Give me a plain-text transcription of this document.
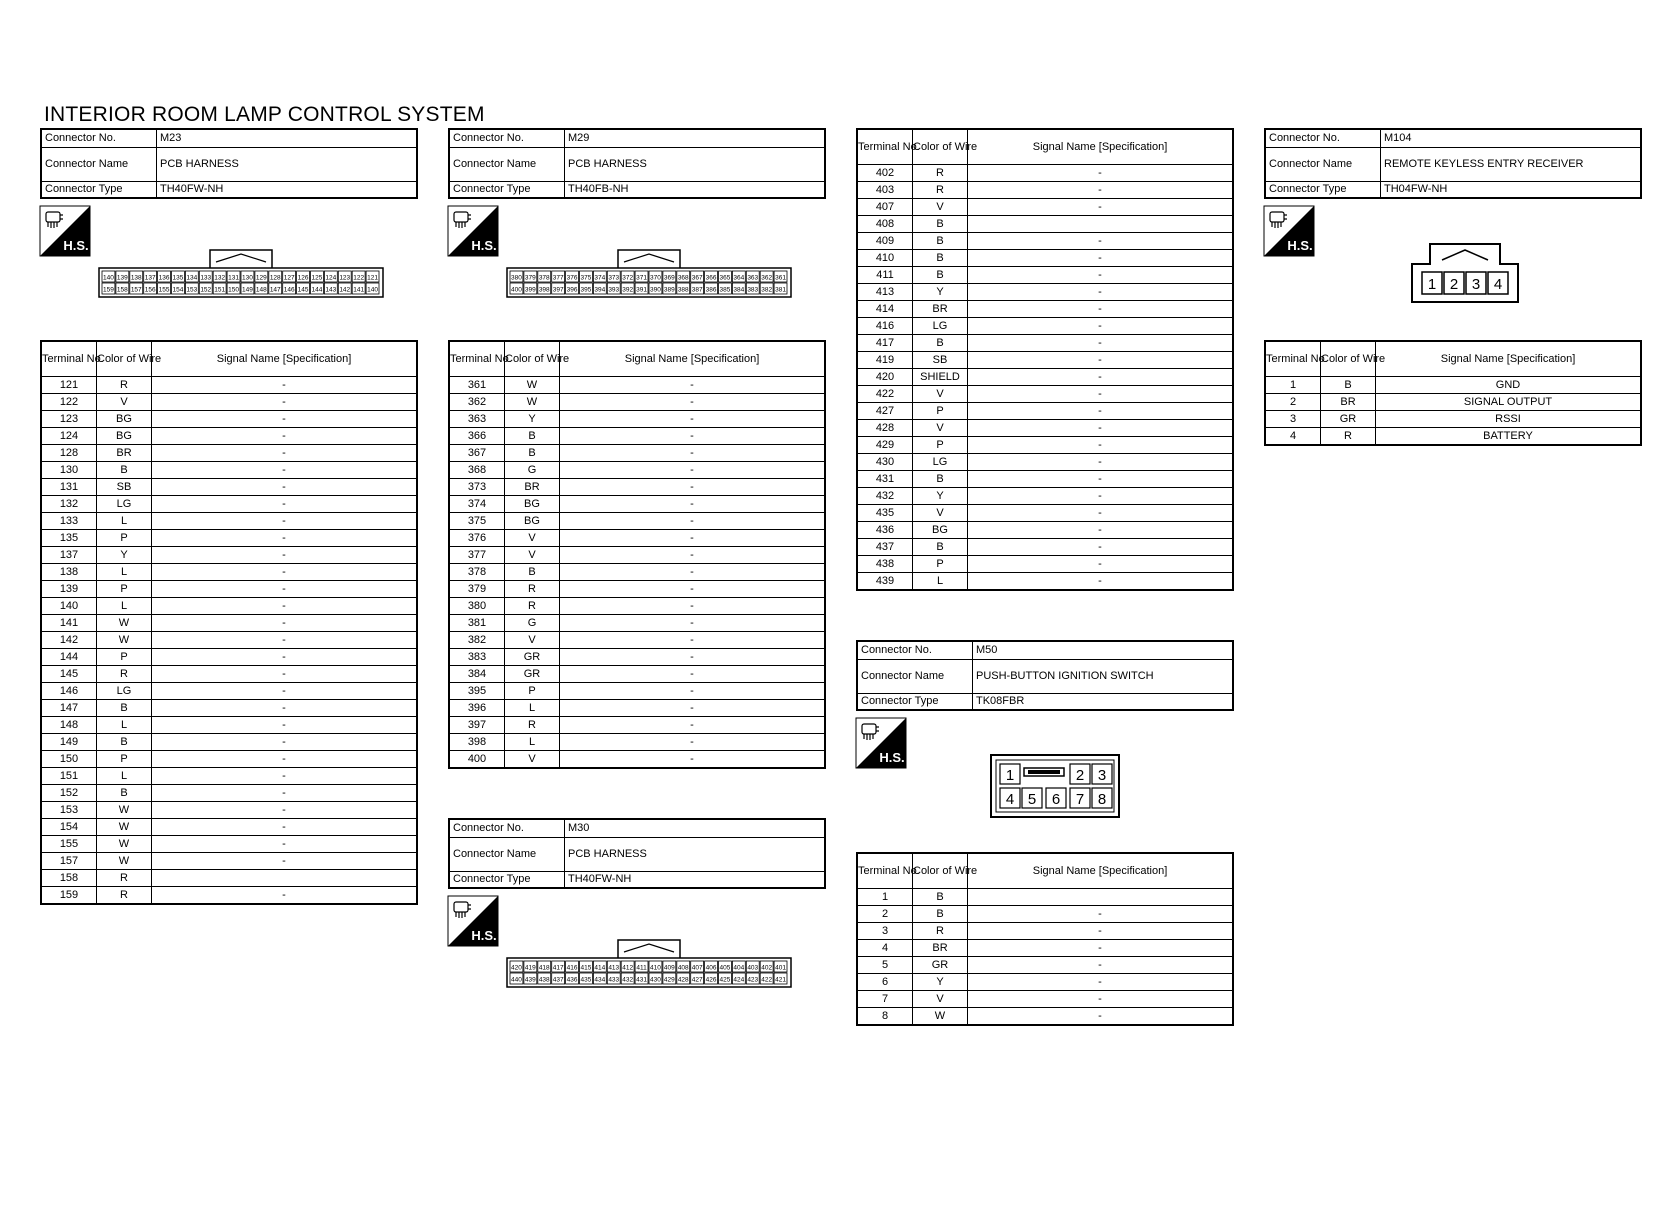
INTERIOR ROOM LAMP CONTROL SYSTEM
Connector No.	M23
Connector Name	PCB HARNESS
Connector Type	TH40FW-NH
H.S.
140 139 138 137 136 135 134 133 132 131 130 129 128 127 126 125 124 123 122 121
159 158 157 156 155 154 153 152 151 150 149 148 147 146 145 144 143 142 141 140
Terminal No.	Color of Wire	Signal Name [Specification]
121	R	-
122	V	-
123	BG	-
124	BG	-
128	BR	-
130	B	-
131	SB	-
132	LG	-
133	L	-
135	P	-
137	Y	-
138	L	-
139	P	-
140	L	-
141	W	-
142	W	-
144	P	-
145	R	-
146	LG	-
147	B	-
148	L	-
149	B	-
150	P	-
151	L	-
152	B	-
153	W	-
154	W	-
155	W	-
157	W	-
158	R	
159	R	-
Connector No.	M29
Connector Name	PCB HARNESS
Connector Type	TH40FB-NH
H.S.
380 379 378 377 376 375 374 373 372 371 370 369 368 367 366 365 364 363 362 361
400 399 398 397 396 395 394 393 392 391 390 389 388 387 386 385 384 383 382 381
Terminal No.	Color of Wire	Signal Name [Specification]
361	W	-
362	W	-
363	Y	-
366	B	-
367	B	-
368	G	-
373	BR	-
374	BG	-
375	BG	-
376	V	-
377	V	-
378	B	-
379	R	-
380	R	-
381	G	-
382	V	-
383	GR	-
384	GR	-
395	P	-
396	L	-
397	R	-
398	L	-
400	V	-
Connector No.	M30
Connector Name	PCB HARNESS
Connector Type	TH40FW-NH
H.S.
420 419 418 417 416 415 414 413 412 411 410 409 408 407 406 405 404 403 402 401
440 439 438 437 436 435 434 433 432 431 430 429 428 427 426 425 424 423 422 421
Terminal No.	Color of Wire	Signal Name [Specification]
402	R	-
403	R	-
407	V	-
408	B	
409	B	-
410	B	-
411	B	-
413	Y	-
414	BR	-
416	LG	-
417	B	-
419	SB	-
420	SHIELD	-
422	V	-
427	P	-
428	V	-
429	P	-
430	LG	-
431	B	-
432	Y	-
435	V	-
436	BG	-
437	B	-
438	P	-
439	L	-
Connector No.	M50
Connector Name	PUSH-BUTTON IGNITION SWITCH
Connector Type	TK08FBR
H.S.
1	2 3
4 5 6 7 8
Terminal No.	Color of Wire	Signal Name [Specification]
1	B	
2	B	-
3	R	-
4	BR	-
5	GR	-
6	Y	-
7	V	-
8	W	-
Connector No.	M104
Connector Name	REMOTE KEYLESS ENTRY RECEIVER
Connector Type	TH04FW-NH
H.S.
1 2 3 4
Terminal No.	Color of Wire	Signal Name [Specification]
1	B	GND
2	BR	SIGNAL OUTPUT
3	GR	RSSI
4	R	BATTERY
